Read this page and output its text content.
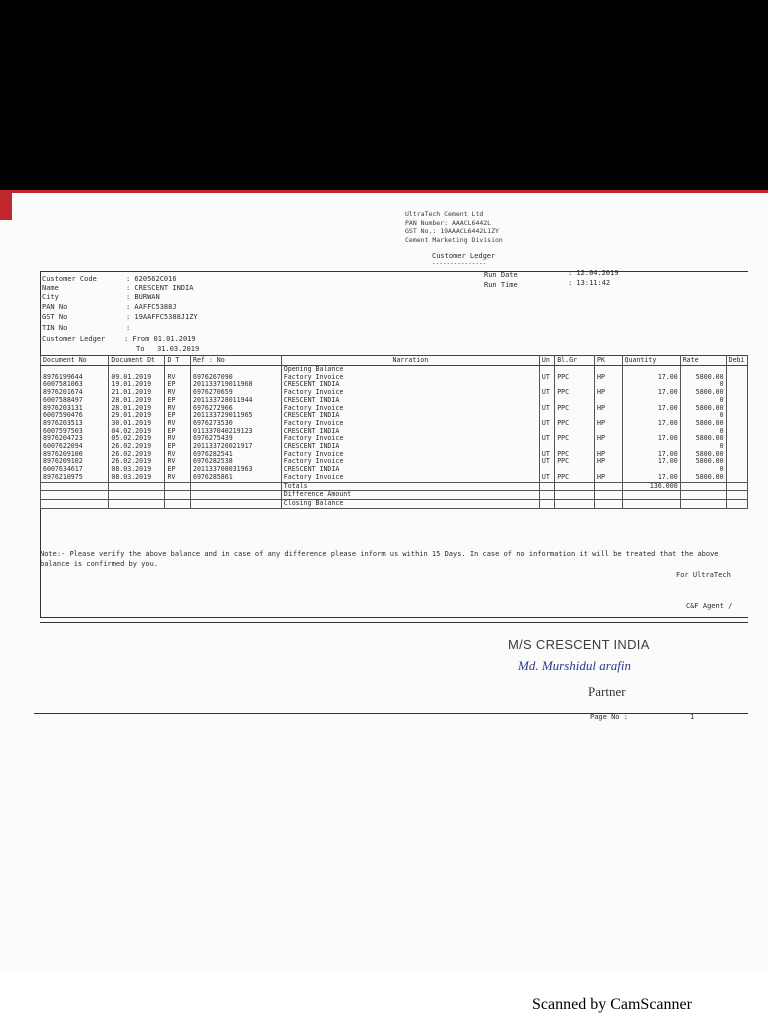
UltraTech Cement Ltd
PAN Number: AAACL6442L
GST No.: 19AAACL6442L1ZY
Cement Marketing Division
Customer Ledger
---------------
Customer Code	: 620562C016
Name	: CRESCENT INDIA
City	: BURWAN
PAN No	: AAFFC5388J
GST No	: 19AAFFC5388J1ZY
TIN No	:
Customer Ledger	: From 01.01.2019
To   31.03.2019
Run Date	: 12.04.2019
Run Time	: 13:11:42
Document No	Document Dt	D T	Ref : No	Narration	Un	Bl.Gr	PK	Quantity	Rate	Debi
				Opening Balance						
8976199644	09.01.2019	RV	6976267090	Factory Invoice	UT	PPC	HP	17.00	5800.00	
6007581063	19.01.2019	EP	201133719011968	CRESCENT INDIA					0	
8976201674	21.01.2019	RV	6976270659	Factory Invoice	UT	PPC	HP	17.00	5800.00	
6007588497	28.01.2019	EP	201133728011944	CRESCENT INDIA					0	
8976203131	28.01.2019	RV	6976272966	Factory Invoice	UT	PPC	HP	17.00	5800.00	
6007590476	29.01.2019	EP	201133729011965	CRESCENT INDIA					0	
8976203513	30.01.2019	RV	6976273530	Factory Invoice	UT	PPC	HP	17.00	5800.00	
6007597503	04.02.2019	EP	011337040219123	CRESCENT INDIA					0	
8976204723	05.02.2019	RV	6976275439	Factory Invoice	UT	PPC	HP	17.00	5800.00	
6007622094	26.02.2019	EP	201133726021917	CRESCENT INDIA					0	
8976209100	26.02.2019	RV	6976282541	Factory Invoice	UT	PPC	HP	17.00	5800.00	
8976209102	26.02.2019	RV	6976282538	Factory Invoice	UT	PPC	HP	17.00	5800.00	
6007634617	08.03.2019	EP	201133708031963	CRESCENT INDIA					0	
8976210975	08.03.2019	RV	6976285861	Factory Invoice	UT	PPC	HP	17.00	5800.00	
				Totals				136.000		
				Difference Amount						
				Closing Balance						
Note:- Please verify the above balance and in case of any difference please inform us within 15 Days. In case of no information it will be treated that the above balance is confirmed by you.
For UltraTech
C&F Agent /
M/S CRESCENT INDIA
Md. Murshidul arafin
Partner
Page No :	1
Scanned by CamScanner
